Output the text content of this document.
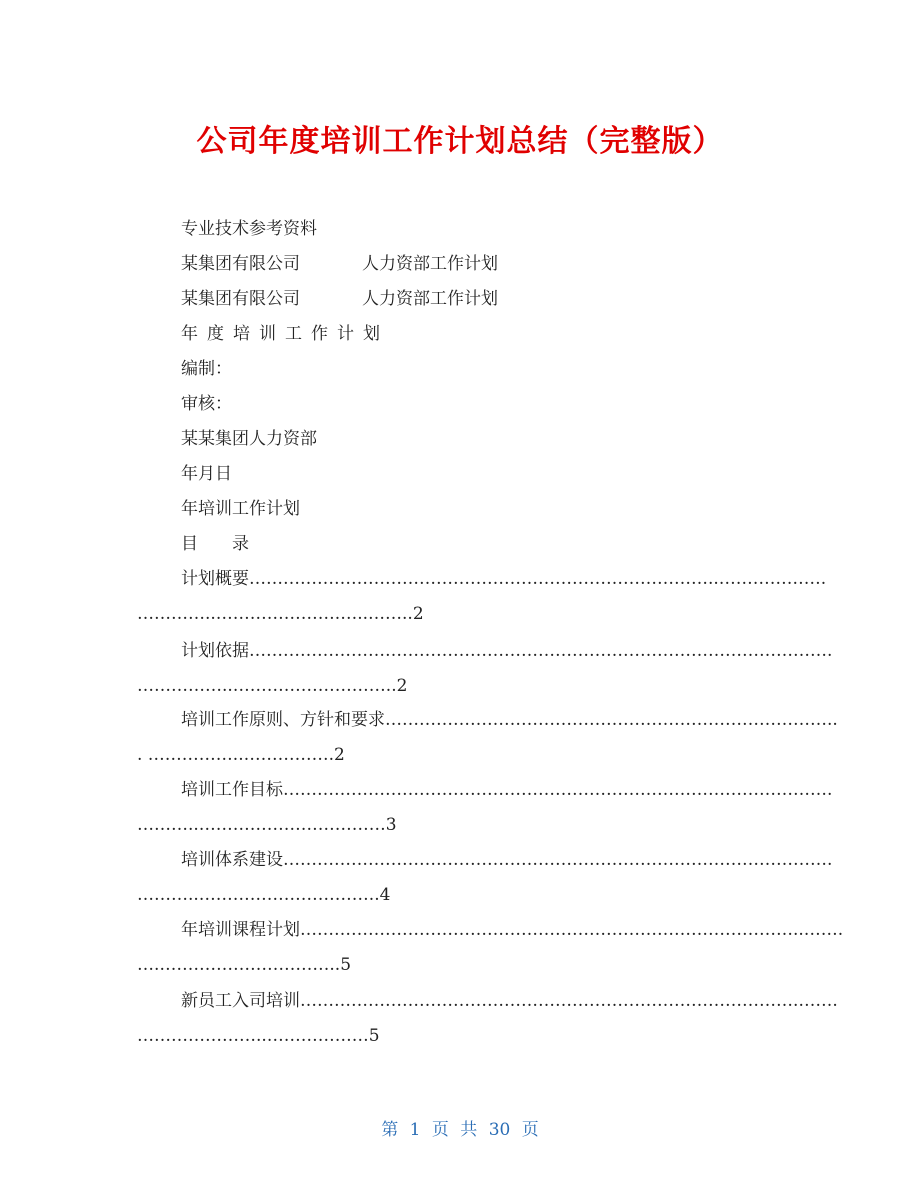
公司年度培训工作计划总结（完整版）
专业技术参考资料
某集团有限公司	人力资部工作计划
某集团有限公司	人力资部工作计划
年度培训工作计划
编制：
审核：
某某集团人力资部
年月日
年培训工作计划
目　　录
计划概要………………………………………………………………………..……………….
…………..………………….…..……..2
计划依据………………………………………………………………………………………….
……………..………………………..2
培训工作原则、方针和要求……………………………………………………………………..
. ……………..…………….2
培训工作目标…………………………………………………………………………………….
………..……………………………3
培训体系建设…………………………………………………………………………………….
………..…………………………..4
年培训课程计划……………………………………………………………………………..…….
….…………………………..5
新员工入司培训…………………………………………………………………………….…….
…………………..………………5
第 1 页 共 30 页
